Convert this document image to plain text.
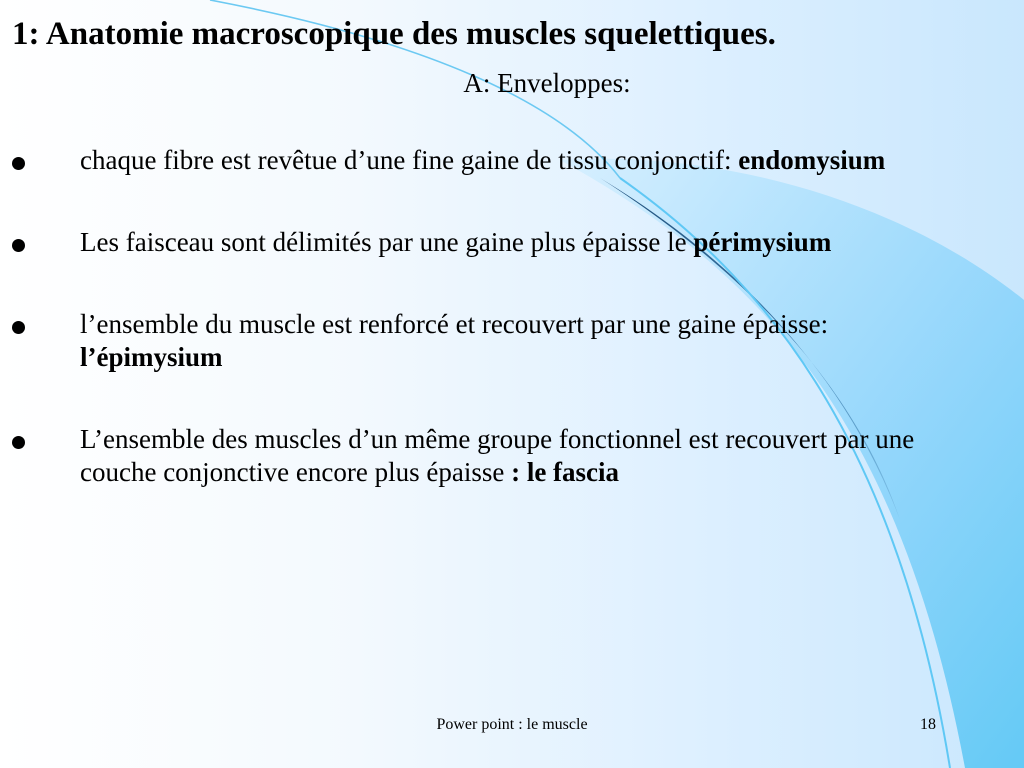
1: Anatomie macroscopique des muscles squelettiques.
A: Enveloppes:
chaque fibre est revêtue d’une fine gaine de tissu conjonctif: endomysium
Les faisceau sont délimités par une gaine plus épaisse le périmysium
l’ensemble du muscle est renforcé et recouvert par une gaine épaisse: l’épimysium
L’ensemble des muscles d’un même groupe fonctionnel est recouvert par une couche conjonctive encore plus épaisse : le fascia
Power point : le muscle	18
